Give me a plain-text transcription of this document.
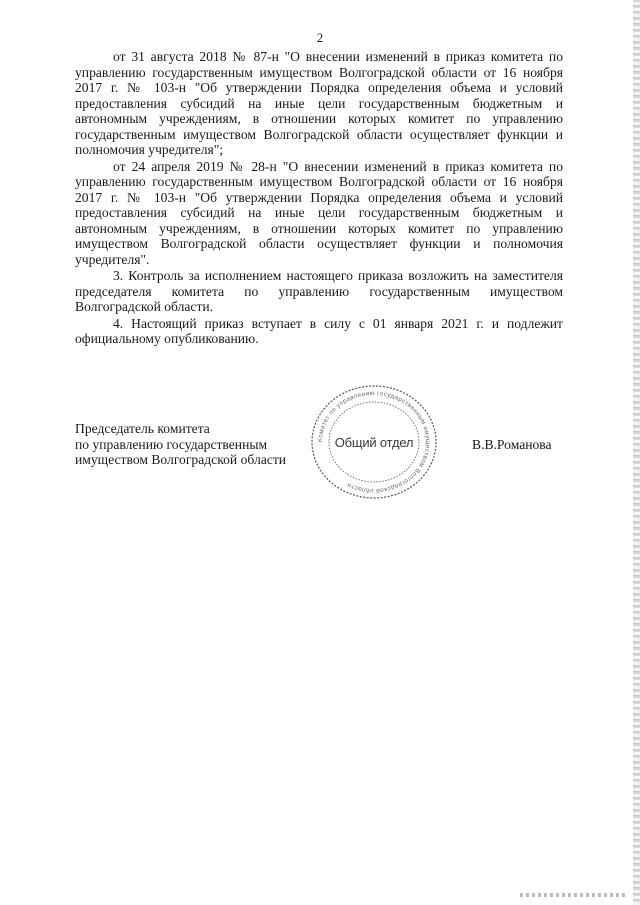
2

от 31 августа 2018 № 87-н "О внесении изменений в приказ комитета по управлению государственным имуществом Волгоградской области от 16 ноября 2017 г. № 103-н "Об утверждении Порядка определения объема и условий предоставления субсидий на иные цели государственным бюджетным и автономным учреждениям, в отношении которых комитет по управлению государственным имуществом Волгоградской области осуществляет функции и полномочия учредителя";

от 24 апреля 2019 № 28-н "О внесении изменений в приказ комитета по управлению государственным имуществом Волгоградской области от 16 ноября 2017 г. № 103-н "Об утверждении Порядка определения объема и условий предоставления субсидий на иные цели государственным бюджетным и автономным учреждениям, в отношении которых комитет по управлению имуществом Волгоградской области осуществляет функции и полномочия учредителя".

3. Контроль за исполнением настоящего приказа возложить на заместителя председателя комитета по управлению государственным имуществом Волгоградской области.

4. Настоящий приказ вступает в силу с 01 января 2021 г. и подлежит официальному опубликованию.

Председатель комитета
по управлению государственным
имуществом Волгоградской области
Комитет по управлению государственным имуществом Волгоградской области
Общий отдел	В.В.Романова
